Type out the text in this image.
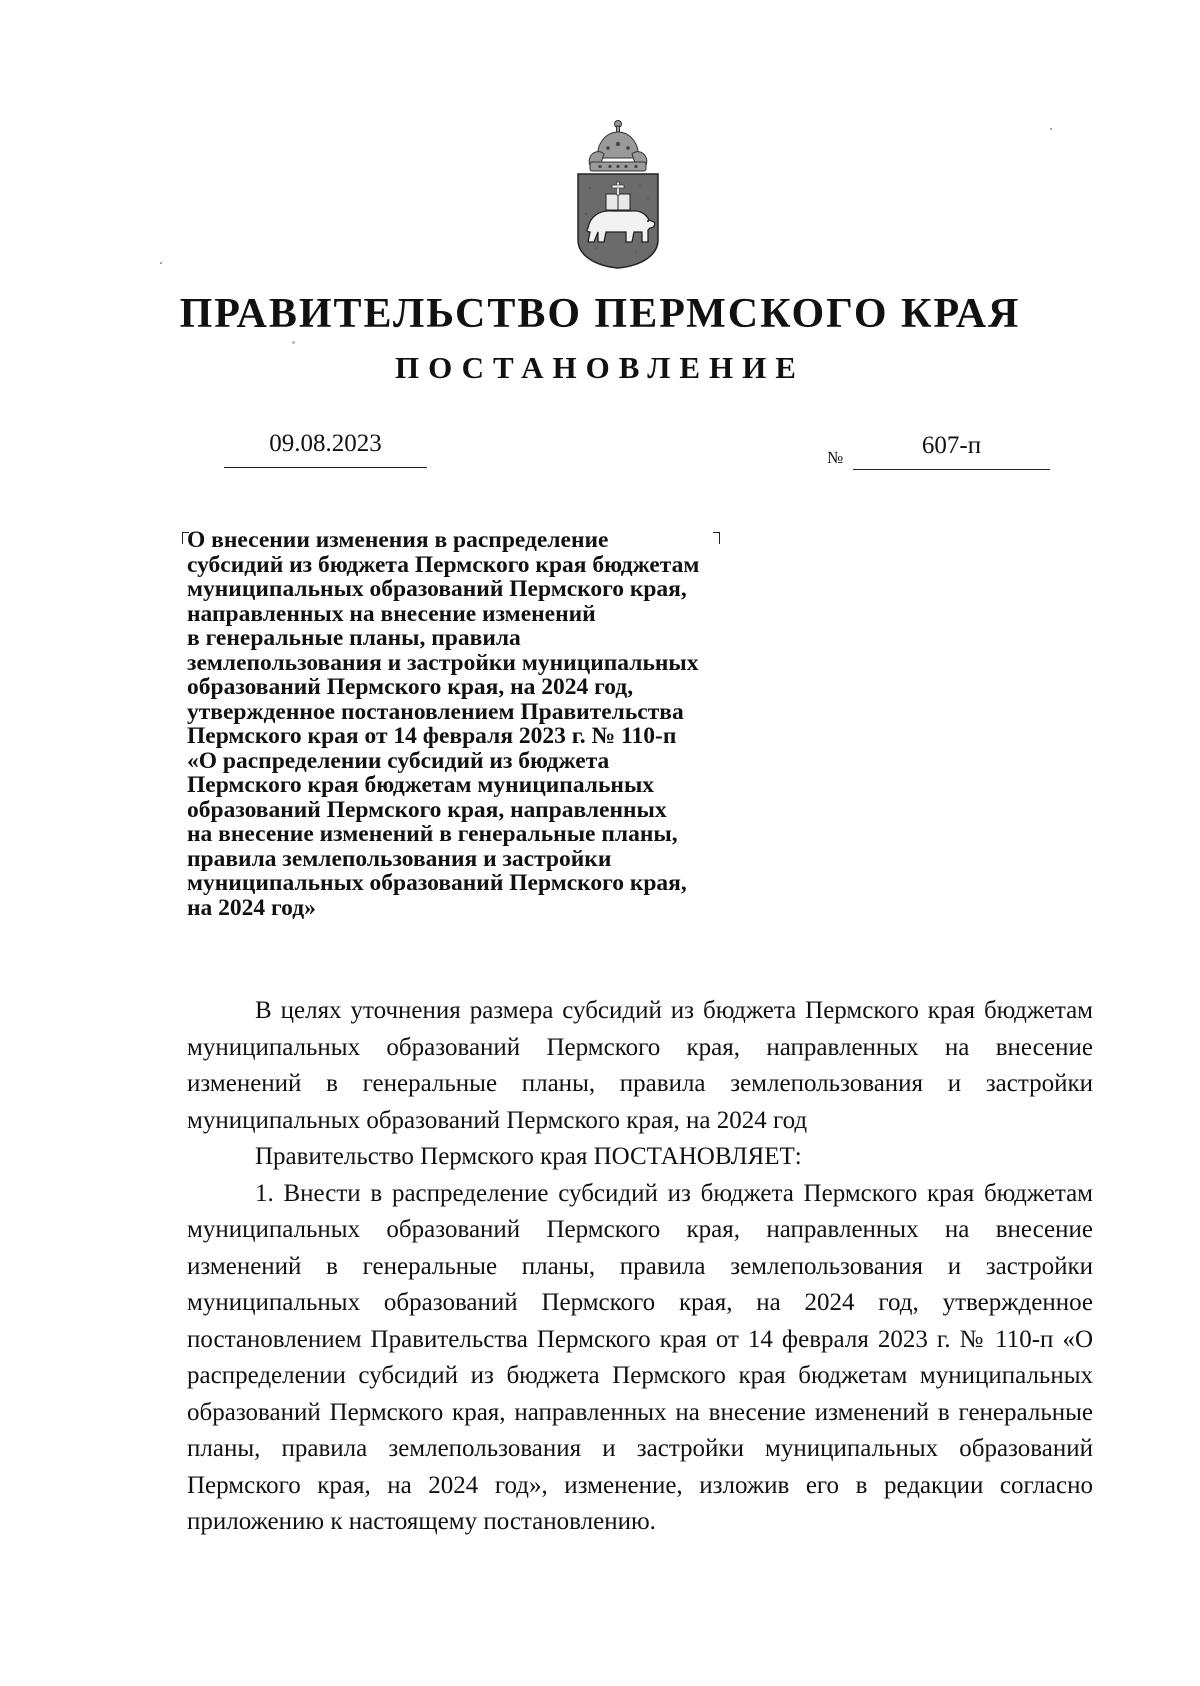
ПРАВИТЕЛЬСТВО ПЕРМСКОГО КРАЯ
ПОСТАНОВЛЕНИЕ
09.08.2023
№	607-п
О внесении изменения в распределение
субсидий из бюджета Пермского края бюджетам
муниципальных образований Пермского края,
направленных на внесение изменений
в генеральные планы, правила
землепользования и застройки муниципальных
образований Пермского края, на 2024 год,
утвержденное постановлением Правительства
Пермского края от 14 февраля 2023 г. № 110-п
«О распределении субсидий из бюджета
Пермского края бюджетам муниципальных
образований Пермского края, направленных
на внесение изменений в генеральные планы,
правила землепользования и застройки
муниципальных образований Пермского края,
на 2024 год»

В целях уточнения размера субсидий из бюджета Пермского края бюджетам муниципальных образований Пермского края, направленных на внесение изменений в генеральные планы, правила землепользования и застройки муниципальных образований Пермского края, на 2024 год

Правительство Пермского края ПОСТАНОВЛЯЕТ:

1. Внести в распределение субсидий из бюджета Пермского края бюджетам муниципальных образований Пермского края, направленных на внесение изменений в генеральные планы, правила землепользования и застройки муниципальных образований Пермского края, на 2024 год, утвержденное постановлением Правительства Пермского края от 14 февраля 2023 г. № 110-п «О распределении субсидий из бюджета Пермского края бюджетам муниципальных образований Пермского края, направленных на внесение изменений в генеральные планы, правила землепользования и застройки муниципальных образований Пермского края, на 2024 год», изменение, изложив его в редакции согласно приложению к настоящему постановлению.
